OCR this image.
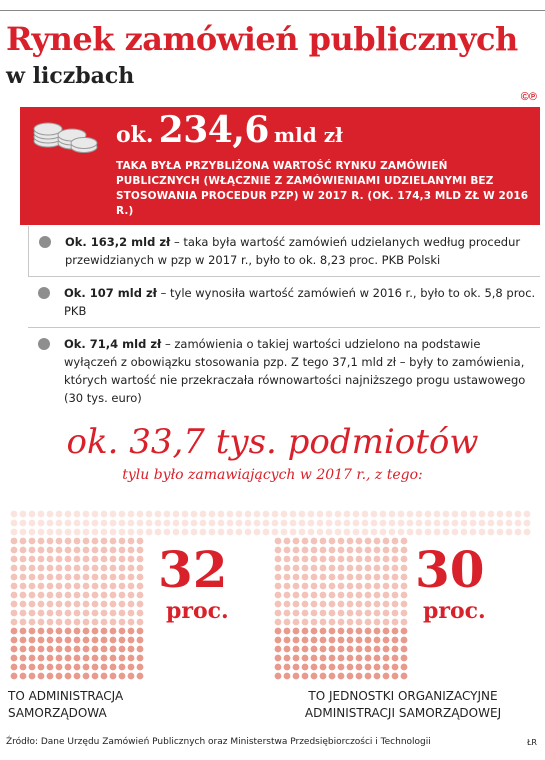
Rynek zamówień publicznych
w liczbach
©℗
ok. 234,6 mld zł
TAKA BYŁA PRZYBLIŻONA WARTOŚĆ RYNKU ZAMÓWIEŃ PUBLICZNYCH (WŁĄCZNIE Z ZAMÓWIENIAMI UDZIELANYMI BEZ STOSOWANIA PROCEDUR PZP) W 2017 R. (OK. 174,3 MLD ZŁ W 2016 R.)
Ok. 163,2 mld zł – taka była wartość zamówień udzielanych według procedur przewidzianych w pzp w 2017 r., było to ok. 8,23 proc. PKB Polski
Ok. 107 mld zł – tyle wynosiła wartość zamówień w 2016 r., było to ok. 5,8 proc. PKB
Ok. 71,4 mld zł – zamówienia o takiej wartości udzielono na podstawie wyłączeń z obowiązku stosowania pzp. Z tego 37,1 mld zł – były to zamówienia, których wartość nie przekraczała równowartości najniższego progu ustawowego (30 tys. euro)
ok. 33,7 tys. podmiotów
tylu było zamawiających w 2017 r., z tego:
32
proc.
30
proc.
TO ADMINISTRACJA
SAMORZĄDOWA
TO JEDNOSTKI ORGANIZACYJNE
ADMINISTRACJI SAMORZĄDOWEJ
Źródło: Dane Urzędu Zamówień Publicznych oraz Ministerstwa Przedsiębiorczości i Technologii	ŁR
